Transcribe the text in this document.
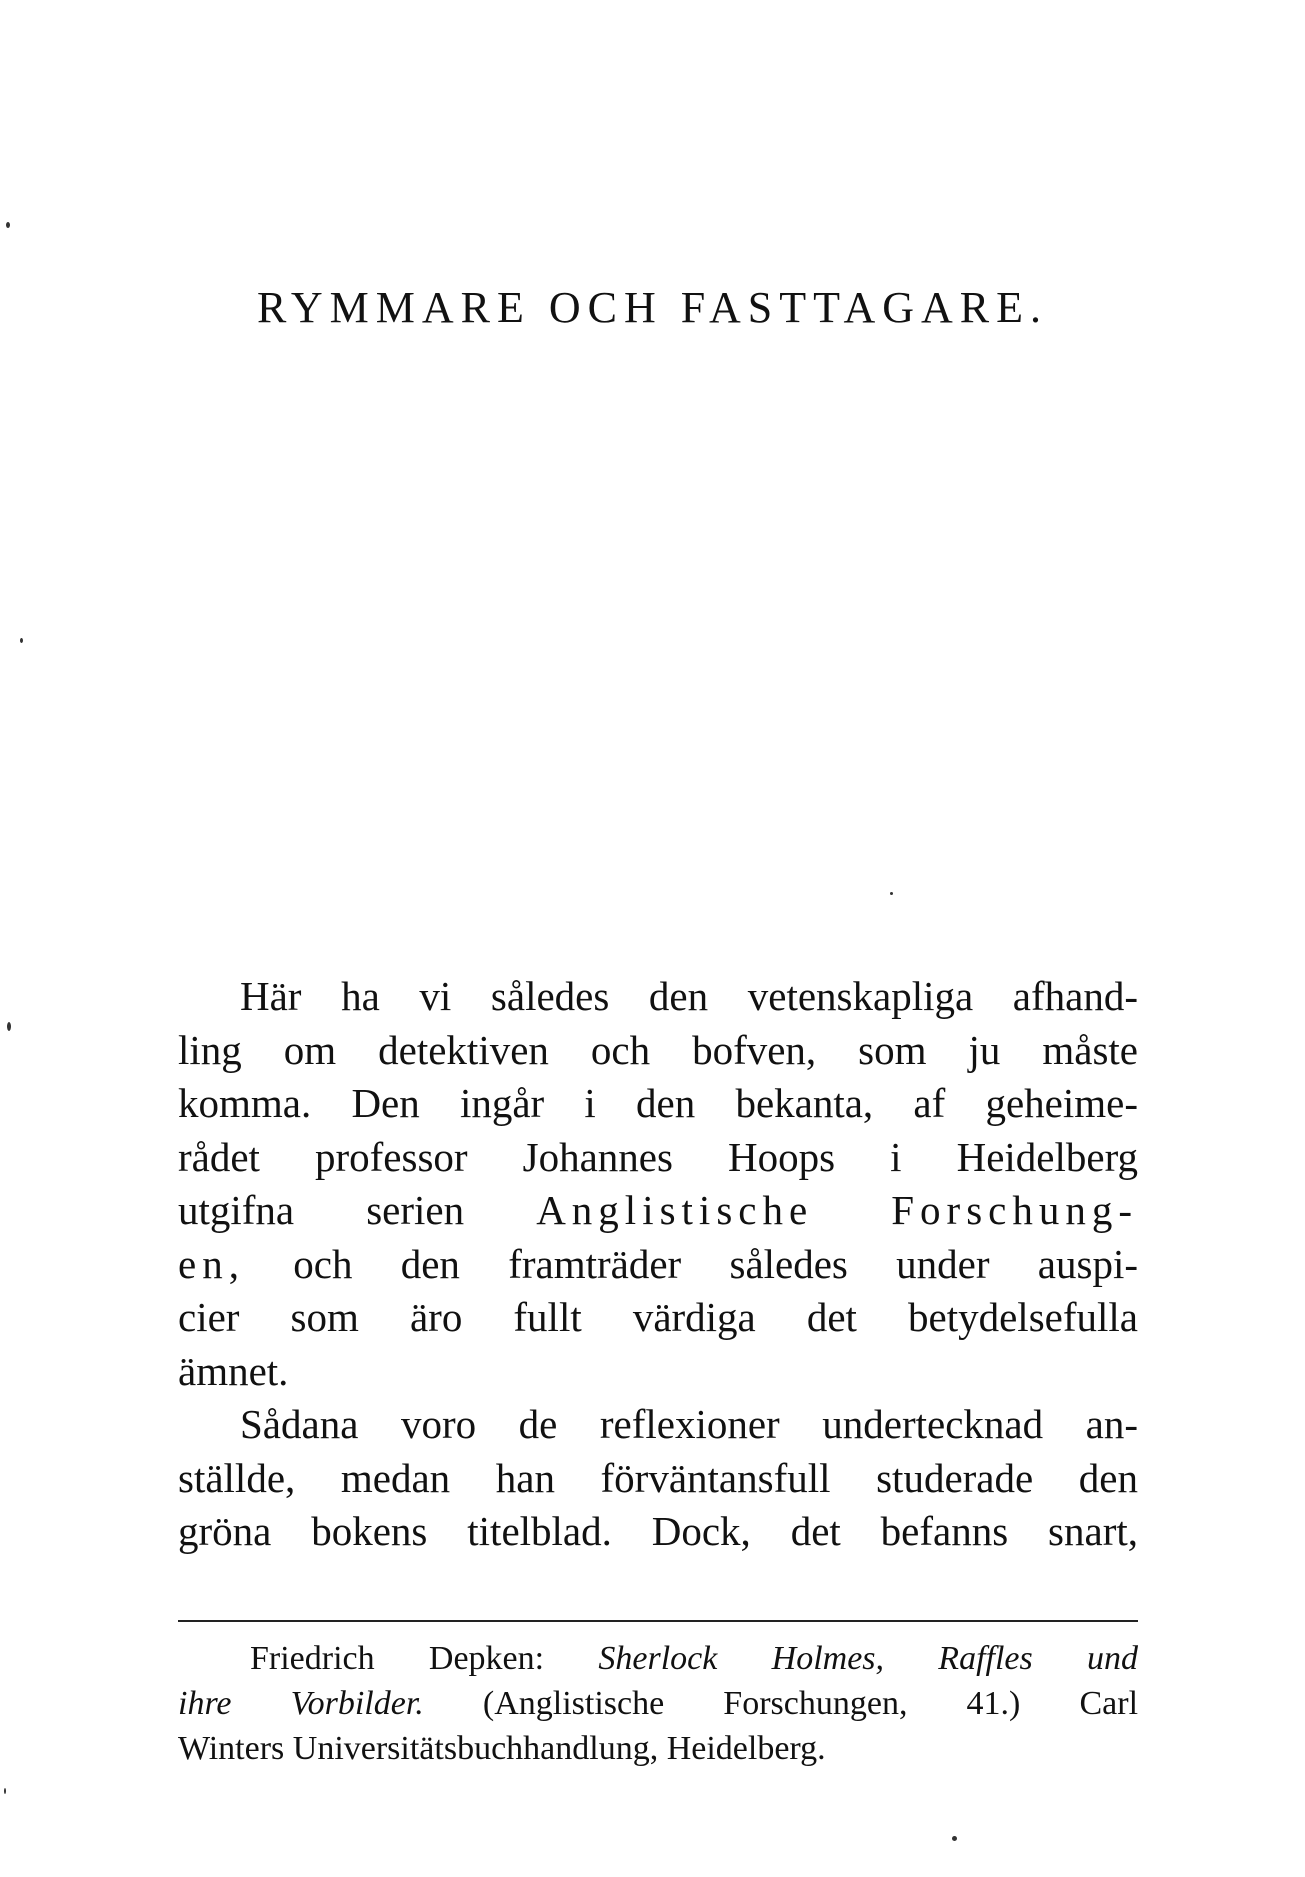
RYMMARE OCH FASTTAGARE.
Här ha vi således den vetenskapliga afhand-
ling om detektiven och bofven, som ju måste
komma. Den ingår i den bekanta, af geheime-
rådet professor Johannes Hoops i Heidelberg
utgifna serien Anglistische Forschung-
en, och den framträder således under auspi-
cier som äro fullt värdiga det betydelsefulla
ämnet.
Sådana voro de reflexioner undertecknad an-
ställde, medan han förväntansfull studerade den
gröna bokens titelblad. Dock, det befanns snart,
Friedrich Depken: Sherlock Holmes, Raffles und
ihre Vorbilder. (Anglistische Forschungen, 41.) Carl
Winters Universitätsbuchhandlung, Heidelberg.
